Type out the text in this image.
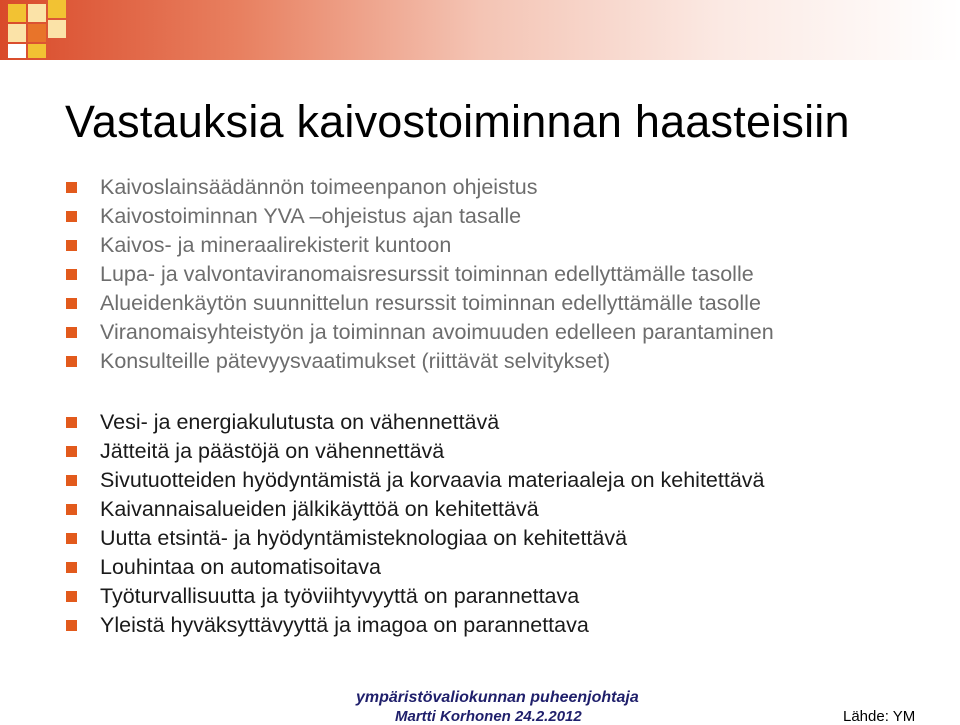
Vastauksia kaivostoiminnan haasteisiin
Kaivoslainsäädännön toimeenpanon ohjeistus
Kaivostoiminnan YVA –ohjeistus ajan tasalle
Kaivos- ja mineraalirekisterit kuntoon
Lupa- ja valvontaviranomaisresurssit toiminnan edellyttämälle tasolle
Alueidenkäytön suunnittelun resurssit toiminnan edellyttämälle tasolle
Viranomaisyhteistyön ja toiminnan avoimuuden edelleen parantaminen
Konsulteille pätevyysvaatimukset (riittävät selvitykset)
Vesi- ja energiakulutusta on vähennettävä
Jätteitä ja päästöjä on vähennettävä
Sivutuotteiden hyödyntämistä ja korvaavia materiaaleja on kehitettävä
Kaivannaisalueiden jälkikäyttöä on kehitettävä
Uutta etsintä- ja hyödyntämisteknologiaa on kehitettävä
Louhintaa on automatisoitava
Työturvallisuutta ja työviihtyvyyttä on parannettava
Yleistä hyväksyttävyyttä ja imagoa on parannettava
ympäristövaliokunnan puheenjohtaja
Martti Korhonen 24.2.2012	Lähde: YM
